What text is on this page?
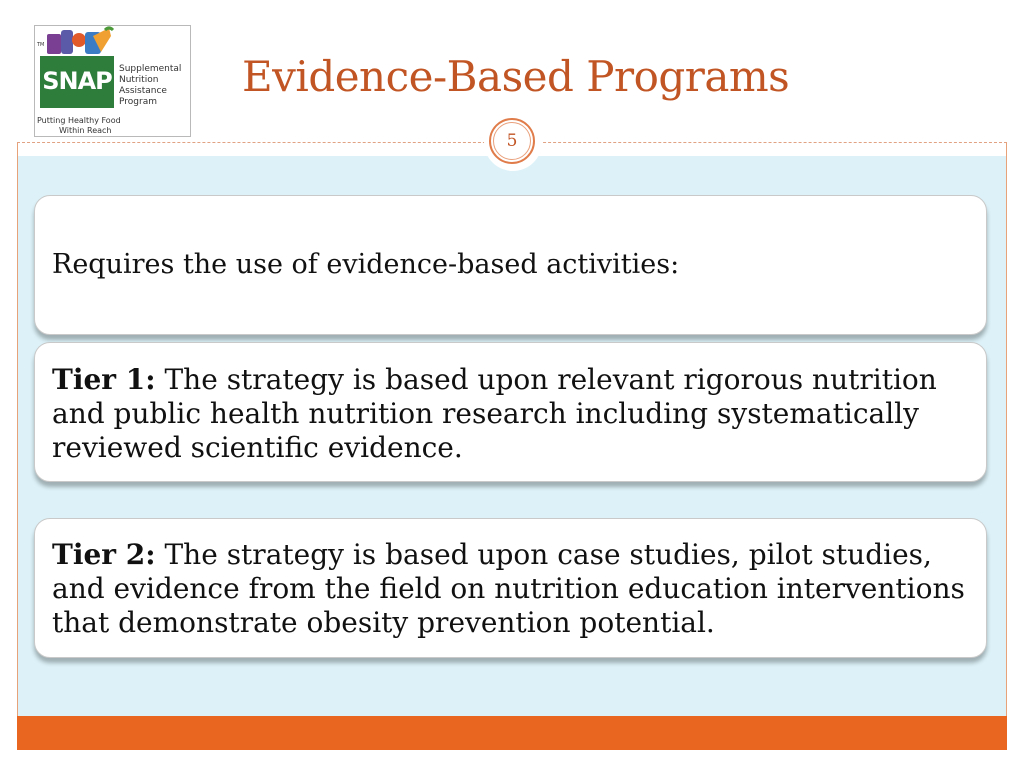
TM
SNAP Supplemental
Nutrition
Assistance
Program
Putting Healthy Food
Within Reach
Evidence-Based Programs
5
Requires the use of evidence-based activities:
Tier 1: The strategy is based upon relevant rigorous nutrition and public health nutrition research including systematically reviewed scientific evidence.
Tier 2: The strategy is based upon case studies, pilot studies, and evidence from the field on nutrition education interventions that demonstrate obesity prevention potential.
